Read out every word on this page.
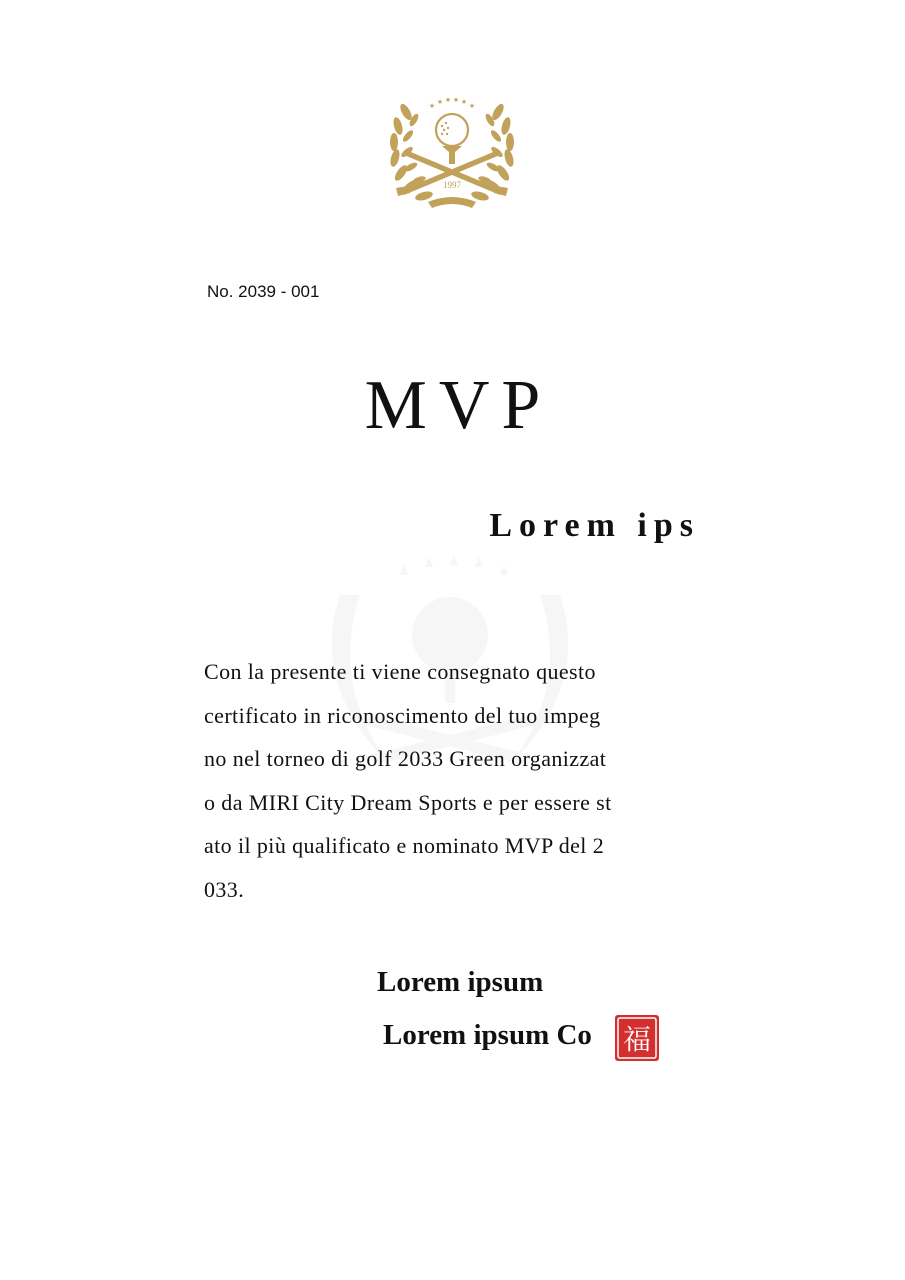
★ ★ ★ ★ ★ ★
1997
No. 2039 - 001
MVP
Lorem ips
Con la presente ti viene consegnato questo
certificato in riconoscimento del tuo impeg
no nel torneo di golf 2033 Green organizzat
o da MIRI City Dream Sports e per essere st
ato il più qualificato e nominato MVP del 2
033.
Lorem ipsum
Lorem ipsum Co 福
